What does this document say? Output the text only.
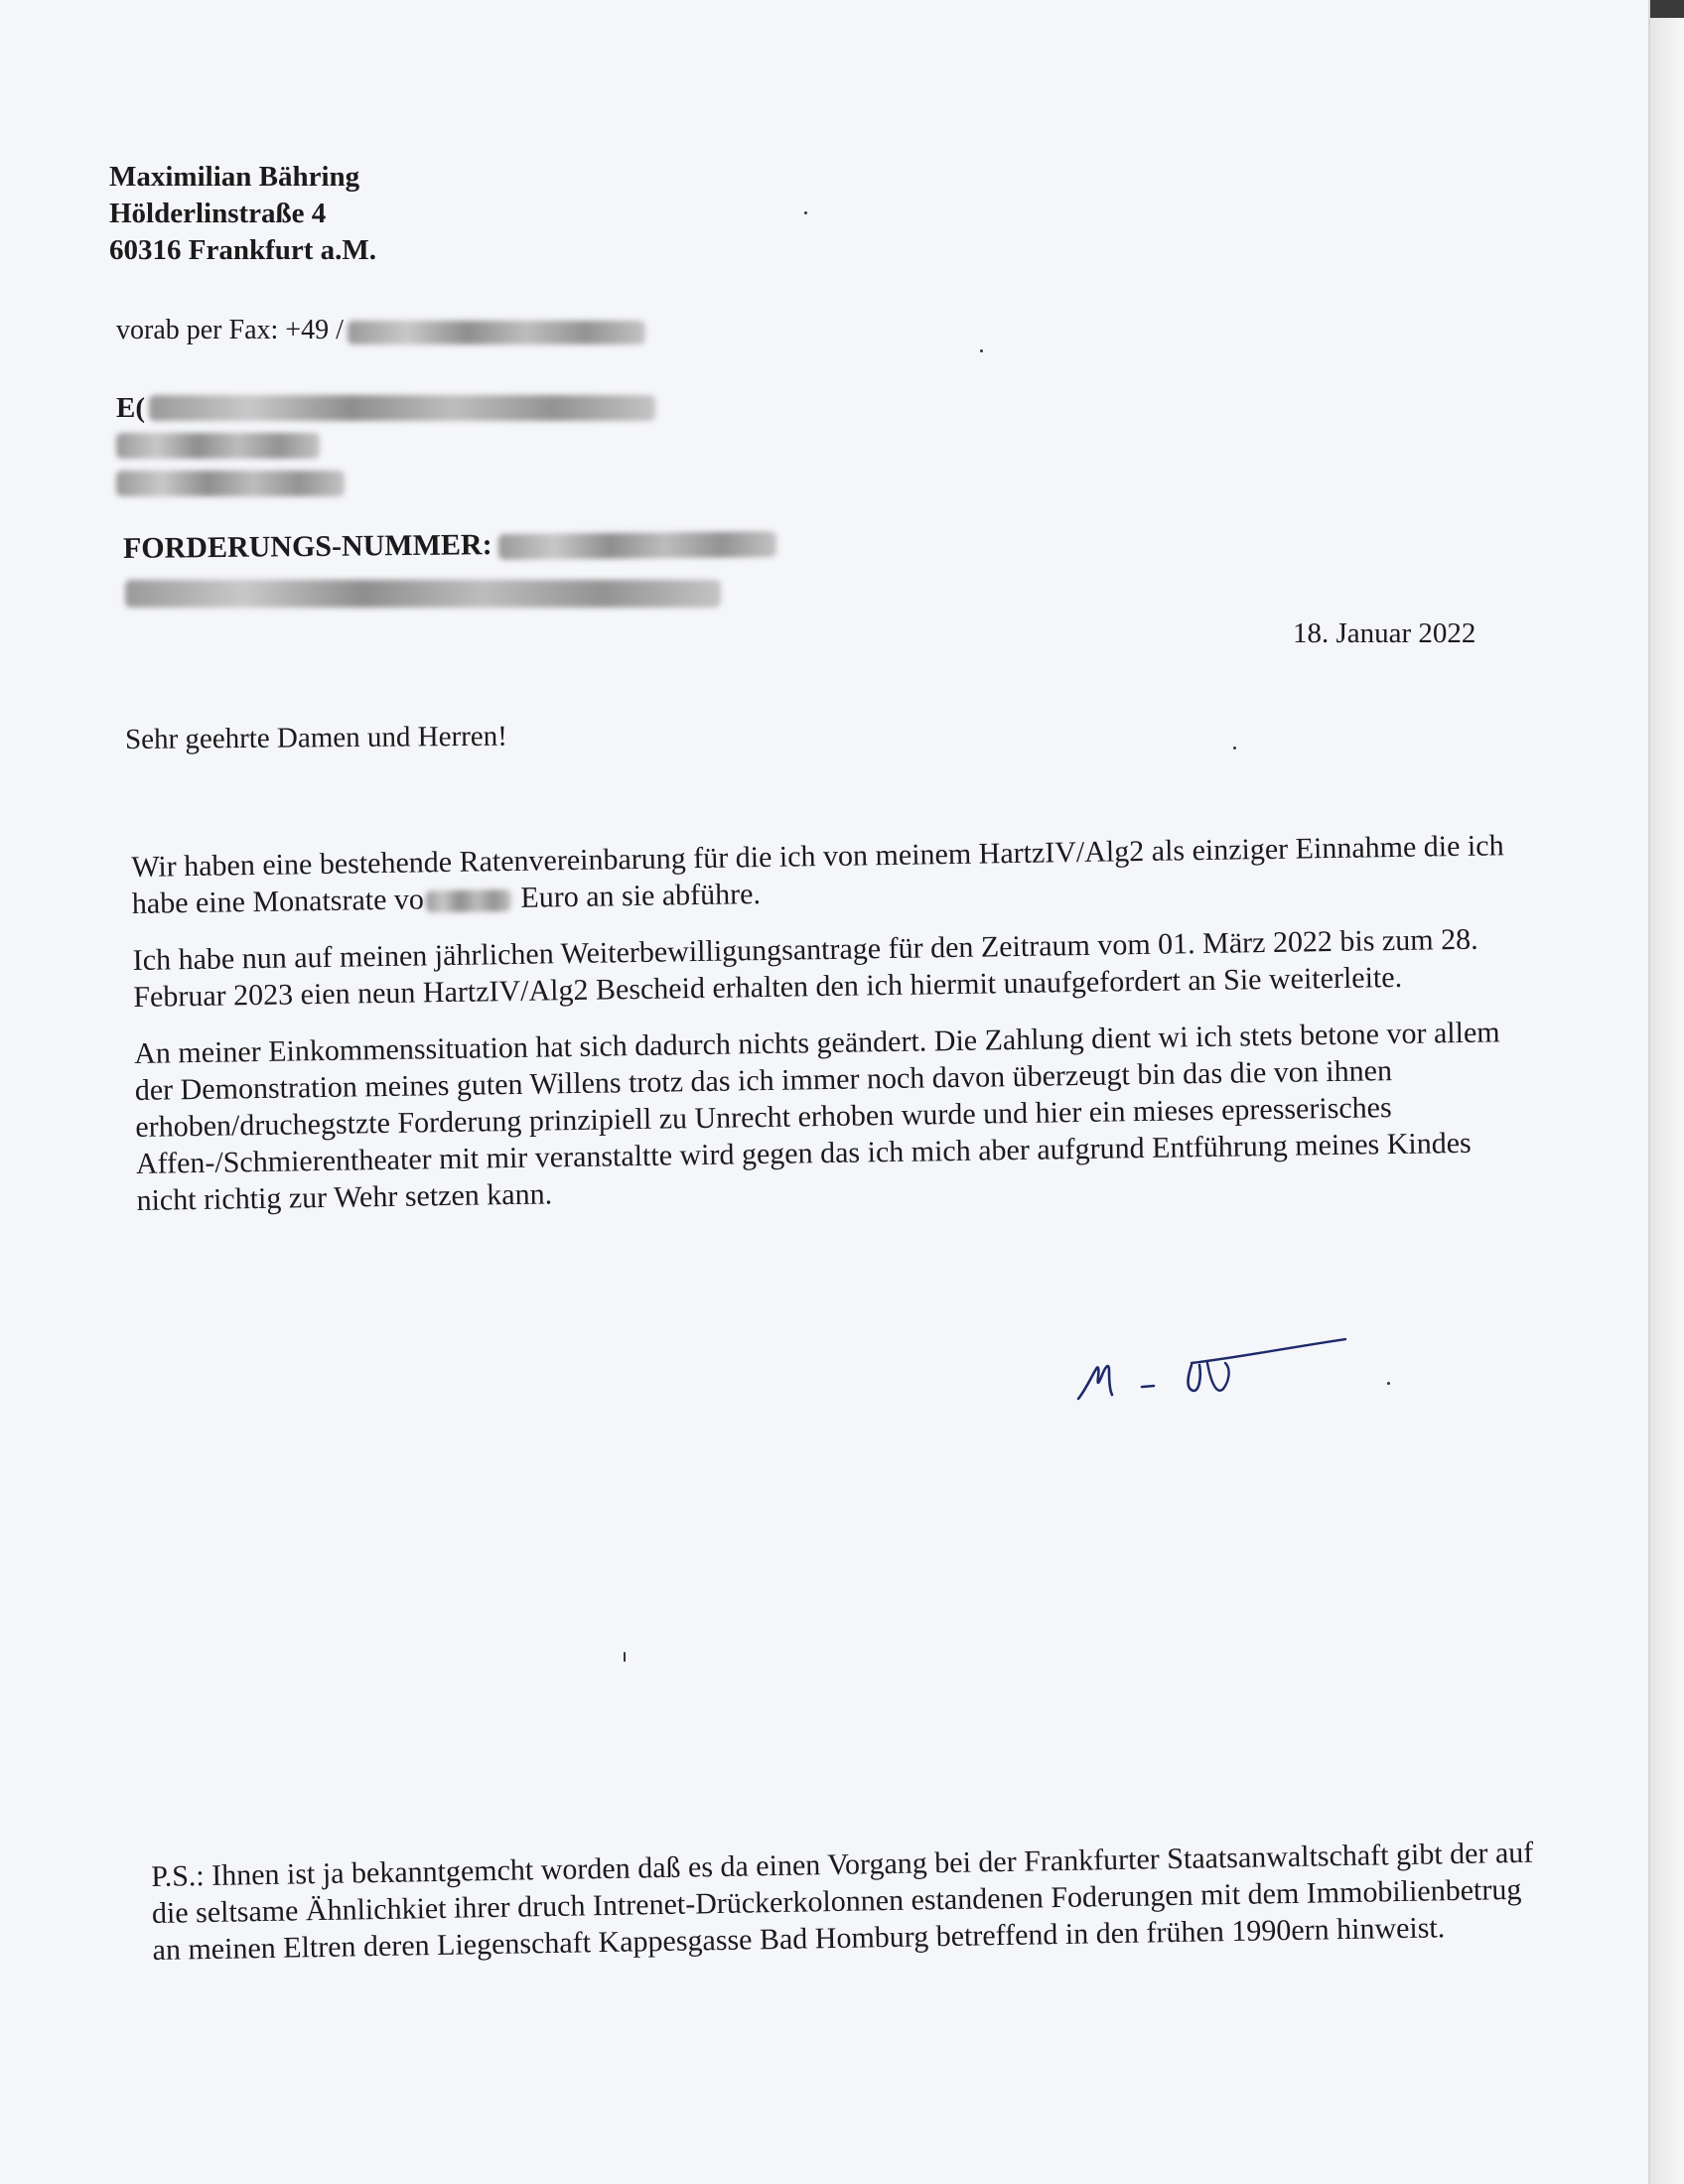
Maximilian Bähring
Hölderlinstraße 4
60316 Frankfurt a.M.
vorab per Fax: +49 /
E(
FORDERUNGS-NUMMER:
18. Januar 2022
Sehr geehrte Damen und Herren!

Wir haben eine bestehende Ratenvereinbarung für die ich von meinem HartzIV/Alg2 als einziger Einnahme die ich habe eine Monatsrate vo	Euro an sie abführe.

Ich habe nun auf meinen jährlichen Weiterbewilligungsantrage für den Zeitraum vom 01. März 2022 bis zum 28. Februar 2023 eien neun HartzIV/Alg2 Bescheid erhalten den ich hiermit unaufgefordert an Sie weiterleite.

An meiner Einkommenssituation hat sich dadurch nichts geändert. Die Zahlung dient wi ich stets betone vor allem der Demonstration meines guten Willens trotz das ich immer noch davon überzeugt bin das die von ihnen erhoben/druchegstzte Forderung prinzipiell zu Unrecht erhoben wurde und hier ein mieses epresserisches Affen-/Schmierentheater mit mir veranstaltte wird gegen das ich mich aber aufgrund Entführung meines Kindes nicht richtig zur Wehr setzen kann.

P.S.: Ihnen ist ja bekanntgemcht worden daß es da einen Vorgang bei der Frankfurter Staatsanwaltschaft gibt der auf die seltsame Ähnlichkiet ihrer druch Intrenet-Drückerkolonnen estandenen Foderungen mit dem Immobilienbetrug an meinen Eltren deren Liegenschaft Kappesgasse Bad Homburg betreffend in den frühen 1990ern hinweist.
